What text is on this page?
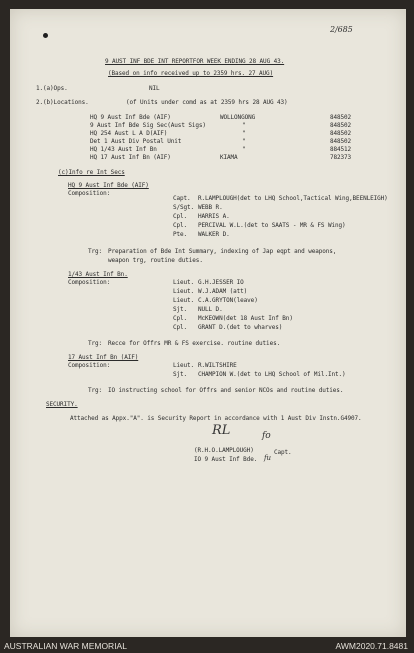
2/685
9 AUST INF BDE INT REPORTFOR WEEK ENDING 28 AUG 43.
(Based on info received up to 2359 hrs. 27 AUG)
1.(a)Ops.	NIL
2.(b)Locations.	(of Units under comd as at 2359 hrs 28 AUG 43)
HQ 9 Aust Inf Bde (AIF)	WOLLONGONG	848502
9 Aust Inf Bde Sig Sec(Aust Sigs)	"	848502
HQ 254 Aust L A D(AIF)	"	848502
Det 1 Aust Div Postal Unit	"	848502
HQ 1/43 Aust Inf Bn	"	884512
HQ 17 Aust Inf Bn (AIF)	KIAMA	782373
(c)Info re Int Secs
HQ 9 Aust Inf Bde (AIF)
Composition:
Capt. R.LAMPLOUGH(det to LHQ School,Tactical Wing,BEENLEIGH)
S/Sgt. WEBB R.
Cpl. HARRIS A.
Cpl. PERCIVAL W.L.(det to SAATS - MR & FS Wing)
Pte. WALKER D.
Trg: Preparation of Bde Int Summary, indexing of Jap eqpt and weapons,
weapon trg, routine duties.
1/43 Aust Inf Bn.
Composition:	Lieut. G.H.JESSER IO
Lieut. W.J.ADAM (att)
Lieut. C.A.GRYTON(leave)
Sjt. NULL D.
Cpl. McKEOWN(det 18 Aust Inf Bn)
Cpl. GRANT D.(det to wharves)
Trg: Recce for Offrs MR & FS exercise. routine duties.
17 Aust Inf Bn (AIF)
Composition:	Lieut. R.WILTSHIRE
Sjt. CHAMPION W.(det to LHQ School of Mil.Int.)
Trg: IO instructing school for Offrs and senior NCOs and routine duties.
SECURITY.
Attached as Appx."A". is Security Report in accordance with 1 Aust Div Instn.G4907.
RL	fo
(R.H.O.LAMPLOUGH)	Capt.
IO 9 Aust Inf Bde. fu
AUSTRALIAN WAR MEMORIAL	AWM2020.71.8481
